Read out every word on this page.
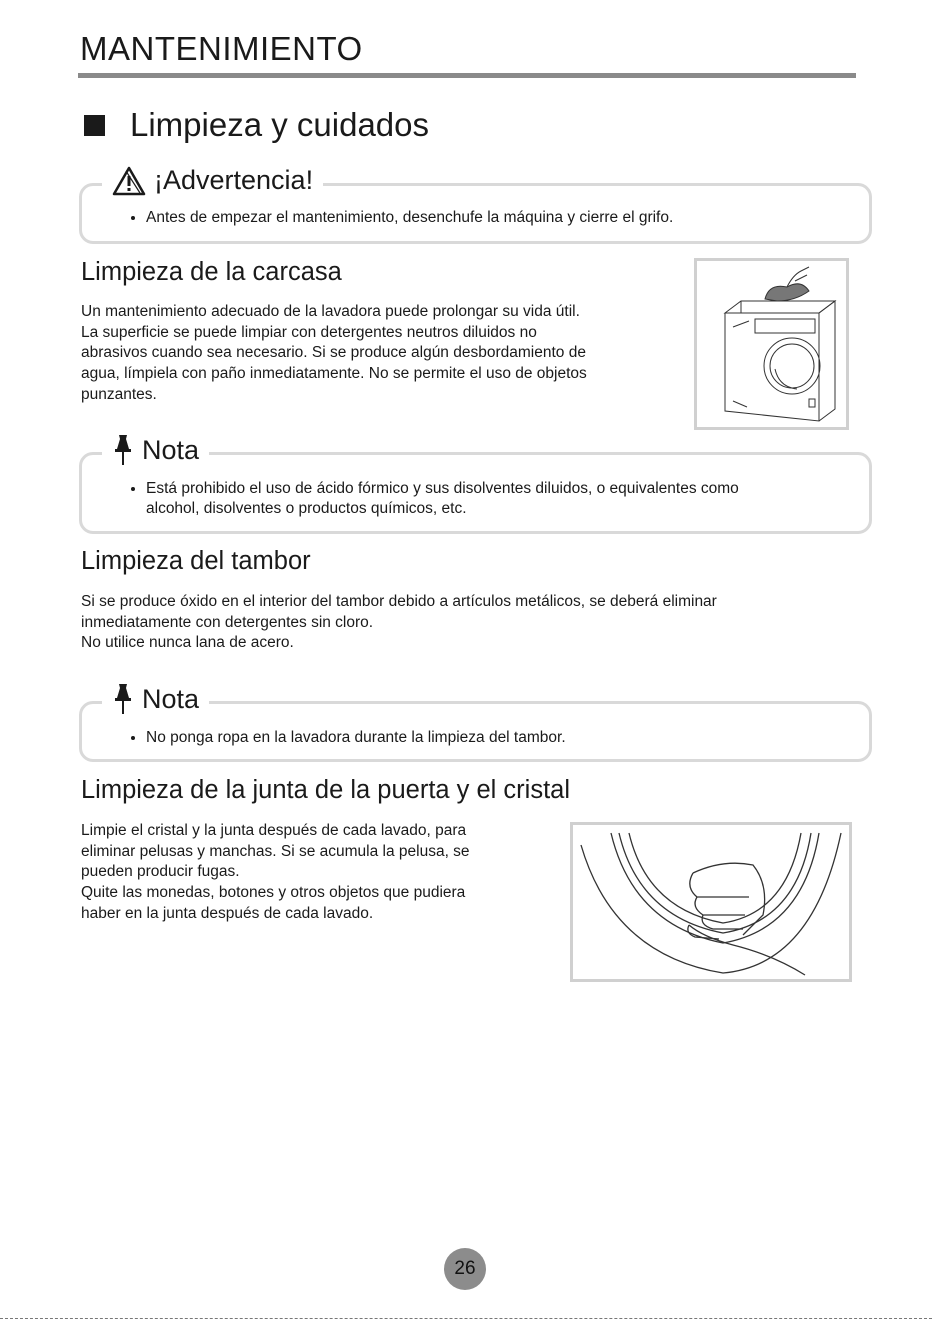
MANTENIMIENTO
Limpieza y cuidados
¡Advertencia!
• Antes de empezar el mantenimiento, desenchufe la máquina y cierre el grifo.
Limpieza de la carcasa
Un mantenimiento adecuado de la lavadora puede prolongar su vida útil.
La superficie se puede limpiar con detergentes neutros diluidos no
abrasivos cuando sea necesario. Si se produce algún desbordamiento de
agua, límpiela con paño inmediatamente. No se permite el uso de objetos
punzantes.
Nota
• Está prohibido el uso de ácido fórmico y sus disolventes diluidos, o equivalentes como
alcohol, disolventes o productos químicos, etc.
Limpieza del tambor
Si se produce óxido en el interior del tambor debido a artículos metálicos, se deberá eliminar
inmediatamente con detergentes sin cloro.
No utilice nunca lana de acero.
Nota
• No ponga ropa en la lavadora durante la limpieza del tambor.
Limpieza de la junta de la puerta y el cristal
Limpie el cristal y la junta después de cada lavado, para
eliminar pelusas y manchas. Si se acumula la pelusa, se
pueden producir fugas.
Quite las monedas, botones y otros objetos que pudiera
haber en la junta después de cada lavado.
26
